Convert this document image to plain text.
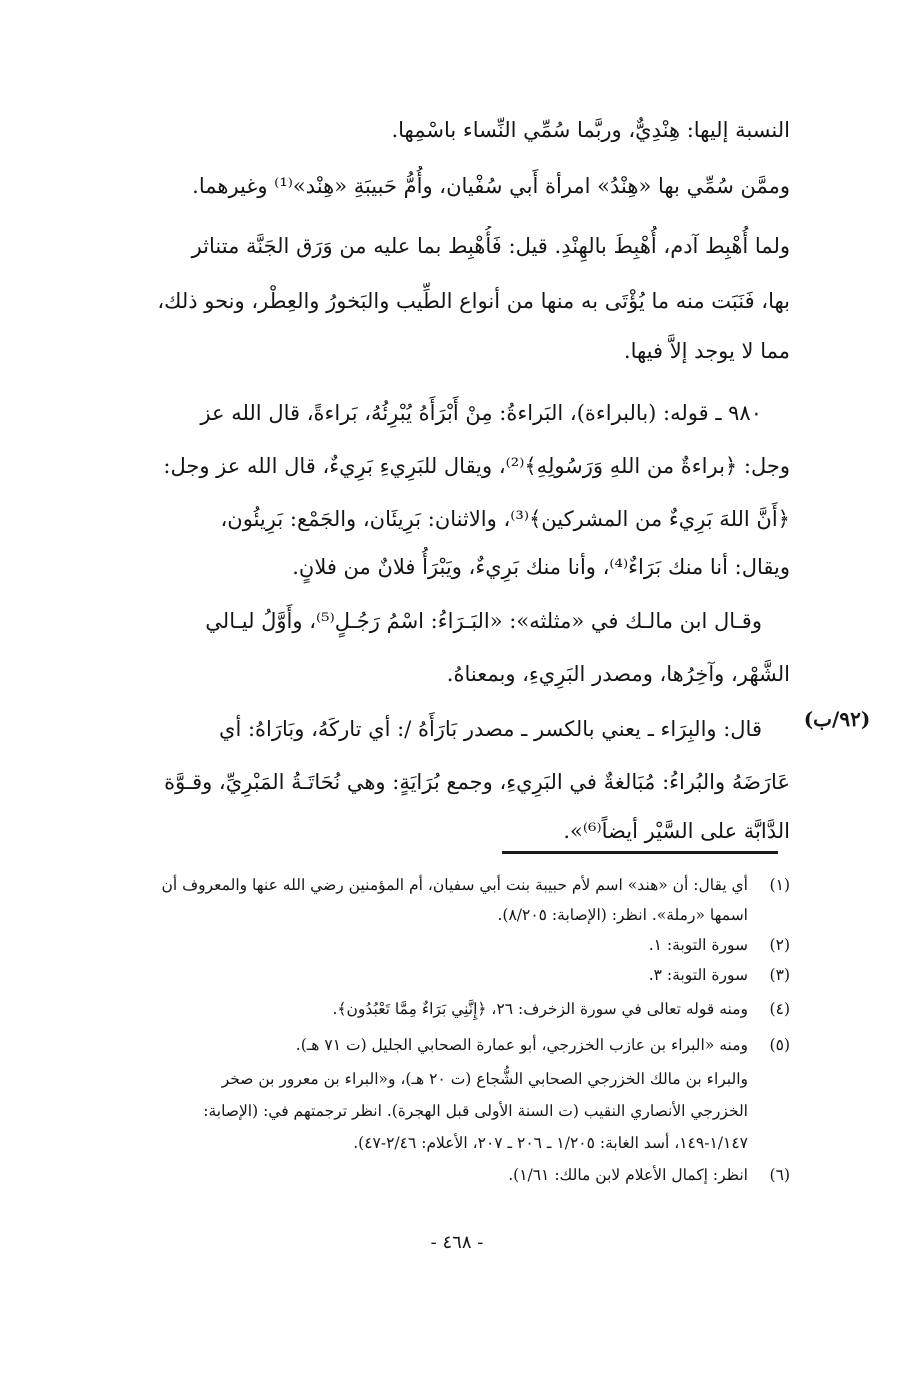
النسبة إليها: هِنْدِيٌّ، وربَّما سُمِّي النِّساء باسْمِها.
وممَّن سُمِّي بها «هِنْدُ» امرأة أَبي سُفْيان، وأُمُّ حَبيبَةِ «هِنْد»⁽¹⁾ وغيرهما.
ولما أُهْبِط آدم، أُهْبِطَ بالهِنْدِ. قيل: فَأُهْبِط بما عليه من وَرَق الجَنَّة متناثر
بها، فَنَبَت منه ما يُؤْتَى به منها من أنواع الطِّيب والبَخورُ والعِطْر، ونحو ذلك،
مما لا يوجد إلاَّ فيها.
٩٨٠ ـ قوله: (بالبراءة)، البَراءةُ: مِنْ أَبْرَأَهُ يُبْرِئُهُ، بَراءةً، قال الله عز
وجل: ﴿براءةٌ من اللهِ وَرَسُولِهِ﴾⁽²⁾، ويقال للبَرِيءِ بَرِيءٌ، قال الله عز وجل:
﴿أَنَّ اللهَ بَرِيءٌ من المشركين﴾⁽³⁾، والاثنان: بَرِيئَان، والجَمْع: بَرِيئُون،
ويقال: أنا منك بَرَاءٌ⁽⁴⁾، وأنا منك بَرِيءٌ، ويَبْرَأُ فلانٌ من فلانٍ.
وقـال ابن مالـك في «مثلثه»: «البَـرَاءُ: اسْمُ رَجُـلٍ⁽⁵⁾، وأَوَّلُ ليـالي
الشَّهْر، وآخِرُها، ومصدر البَرِيءِ، وبمعناهُ.
قال: والبِرَاء ـ يعني بالكسر ـ مصدر بَارَأَهُ /: أي تاركَهُ، وبَارَاهُ: أي
عَارَضَهُ والبُراءُ: مُبَالغةٌ في البَرِيءِ، وجمع بُرَايَةٍ: وهي نُحَاتَـةُ المَبْرِيِّ، وقـوَّة
الدَّابَّة على السَّيْر أيضاً⁽⁶⁾».
(٩٢/ب)
(١)أي يقال: أن «هند» اسم لأم حبيبة بنت أبي سفيان، أم المؤمنين رضي الله عنها والمعروف أن
اسمها «رملة». انظر: (الإصابة: ٨/٢٠٥).
(٢)سورة التوبة: ١.
(٣)سورة التوبة: ٣.
(٤)ومنه قوله تعالى في سورة الزخرف: ٢٦، ﴿إِنَّنِي بَرَاءٌ مِمَّا تَعْبُدُون﴾.
(٥)ومنه «البراء بن عازب الخزرجي، أبو عمارة الصحابي الجليل (ت ٧١ هـ).
والبراء بن مالك الخزرجي الصحابي الشُّجاع (ت ٢٠ هـ)، و«البراء بن معرور بن صخر
الخزرجي الأنصاري النقيب (ت السنة الأولى قبل الهجرة). انظر ترجمتهم في: (الإصابة:
١/١٤٧-١٤٩، أسد الغابة: ١/٢٠٥ ـ ٢٠٦ ـ ٢٠٧، الأعلام: ٢/٤٦-٤٧).
(٦)انظر: إكمال الأعلام لابن مالك: ١/٦١).
- ٤٦٨ -
